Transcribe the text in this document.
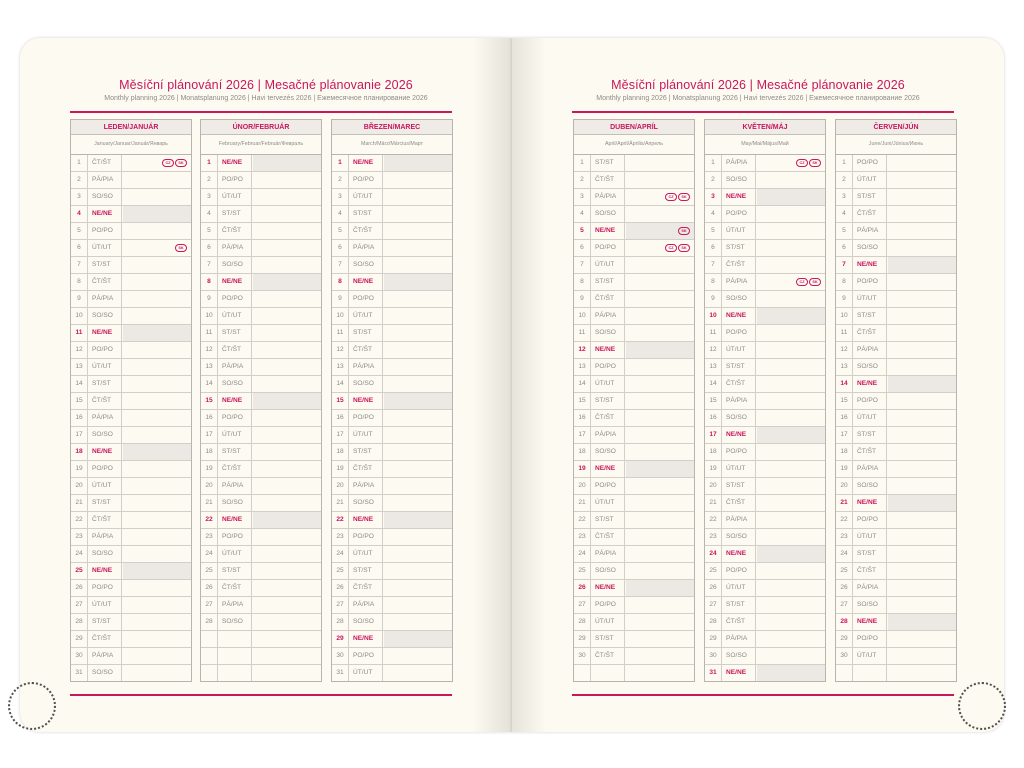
Měsíční plánování 2026 | Mesačné plánovanie 2026
Monthly planning 2026 | Monatsplanung 2026 | Havi tervezés 2026 | Ежемесячное планирование 2026
Měsíční plánování 2026 | Mesačné plánovanie 2026
Monthly planning 2026 | Monatsplanung 2026 | Havi tervezés 2026 | Ежемесячное планирование 2026
LEDEN/JANUÁR
January/Januar/Január/Январь
1	ČT/ŠT	CZ	SK
2	PÁ/PIA
3	SO/SO
4	NE/NE
5	PO/PO
6	ÚT/UT	SK
7	ST/ST
8	ČT/ŠT
9	PÁ/PIA
10	SO/SO
11	NE/NE
12	PO/PO
13	ÚT/UT
14	ST/ST
15	ČT/ŠT
16	PÁ/PIA
17	SO/SO
18	NE/NE
19	PO/PO
20	ÚT/UT
21	ST/ST
22	ČT/ŠT
23	PÁ/PIA
24	SO/SO
25	NE/NE
26	PO/PO
27	ÚT/UT
28	ST/ST
29	ČT/ŠT
30	PÁ/PIA
31	SO/SO
ÚNOR/FEBRUÁR
February/Februar/Február/Февраль
1	NE/NE
2	PO/PO
3	ÚT/UT
4	ST/ST
5	ČT/ŠT
6	PÁ/PIA
7	SO/SO
8	NE/NE
9	PO/PO
10	ÚT/UT
11	ST/ST
12	ČT/ŠT
13	PÁ/PIA
14	SO/SO
15	NE/NE
16	PO/PO
17	ÚT/UT
18	ST/ST
19	ČT/ŠT
20	PÁ/PIA
21	SO/SO
22	NE/NE
23	PO/PO
24	ÚT/UT
25	ST/ST
26	ČT/ŠT
27	PÁ/PIA
28	SO/SO
BŘEZEN/MAREC
March/März/Március/Март
1	NE/NE
2	PO/PO
3	ÚT/UT
4	ST/ST
5	ČT/ŠT
6	PÁ/PIA
7	SO/SO
8	NE/NE
9	PO/PO
10	ÚT/UT
11	ST/ST
12	ČT/ŠT
13	PÁ/PIA
14	SO/SO
15	NE/NE
16	PO/PO
17	ÚT/UT
18	ST/ST
19	ČT/ŠT
20	PÁ/PIA
21	SO/SO
22	NE/NE
23	PO/PO
24	ÚT/UT
25	ST/ST
26	ČT/ŠT
27	PÁ/PIA
28	SO/SO
29	NE/NE
30	PO/PO
31	ÚT/UT
DUBEN/APRÍL
April/April/Április/Апрель
1	ST/ST
2	ČT/ŠT
3	PÁ/PIA	CZ	SK
4	SO/SO
5	NE/NE	SK
6	PO/PO	CZ	SK
7	ÚT/UT
8	ST/ST
9	ČT/ŠT
10	PÁ/PIA
11	SO/SO
12	NE/NE
13	PO/PO
14	ÚT/UT
15	ST/ST
16	ČT/ŠT
17	PÁ/PIA
18	SO/SO
19	NE/NE
20	PO/PO
21	ÚT/UT
22	ST/ST
23	ČT/ŠT
24	PÁ/PIA
25	SO/SO
26	NE/NE
27	PO/PO
28	ÚT/UT
29	ST/ST
30	ČT/ŠT
KVĚTEN/MÁJ
May/Mai/Május/Май
1	PÁ/PIA	CZ	SK
2	SO/SO
3	NE/NE
4	PO/PO
5	ÚT/UT
6	ST/ST
7	ČT/ŠT
8	PÁ/PIA	CZ	SK
9	SO/SO
10	NE/NE
11	PO/PO
12	ÚT/UT
13	ST/ST
14	ČT/ŠT
15	PÁ/PIA
16	SO/SO
17	NE/NE
18	PO/PO
19	ÚT/UT
20	ST/ST
21	ČT/ŠT
22	PÁ/PIA
23	SO/SO
24	NE/NE
25	PO/PO
26	ÚT/UT
27	ST/ST
28	ČT/ŠT
29	PÁ/PIA
30	SO/SO
31	NE/NE
ČERVEN/JÚN
June/Juni/Június/Июнь
1	PO/PO
2	ÚT/UT
3	ST/ST
4	ČT/ŠT
5	PÁ/PIA
6	SO/SO
7	NE/NE
8	PO/PO
9	ÚT/UT
10	ST/ST
11	ČT/ŠT
12	PÁ/PIA
13	SO/SO
14	NE/NE
15	PO/PO
16	ÚT/UT
17	ST/ST
18	ČT/ŠT
19	PÁ/PIA
20	SO/SO
21	NE/NE
22	PO/PO
23	ÚT/UT
24	ST/ST
25	ČT/ŠT
26	PÁ/PIA
27	SO/SO
28	NE/NE
29	PO/PO
30	ÚT/UT
